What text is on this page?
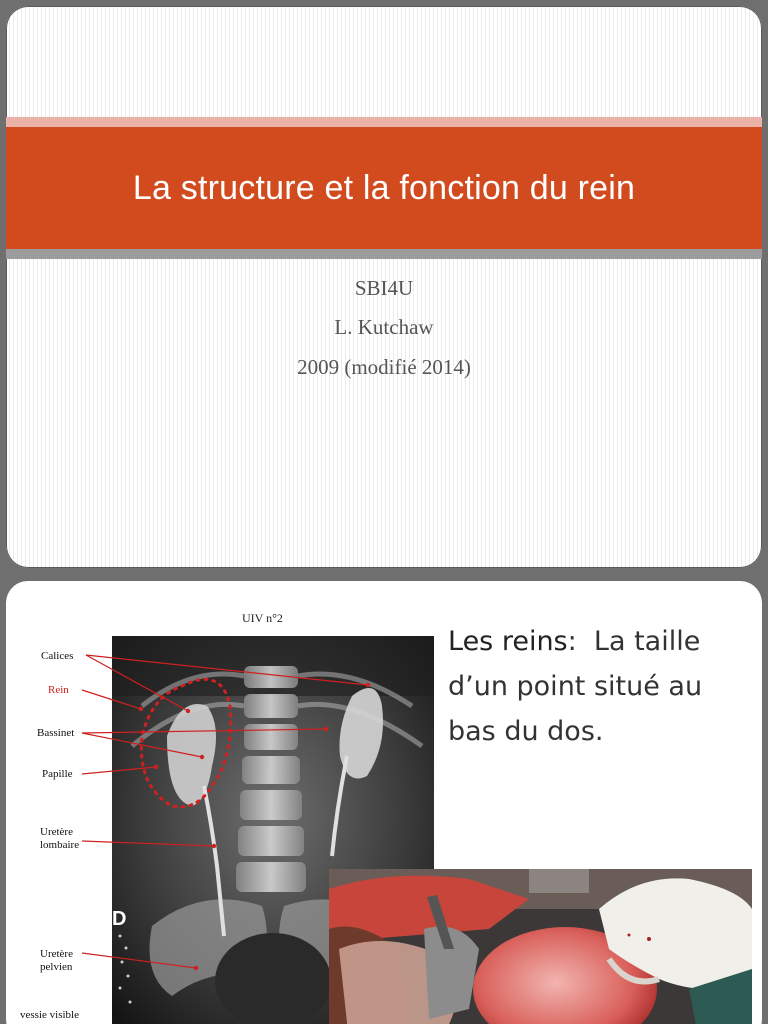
La structure et la fonction du rein
SBI4U
L. Kutchaw
2009 (modifié 2014)
UIV n°2
D
Calices
Rein
Bassinet
Papille
Uretère
lombaire
Uretère
pelvien
vessie visible
Les reins: La taille d’un point situé au bas du dos.
